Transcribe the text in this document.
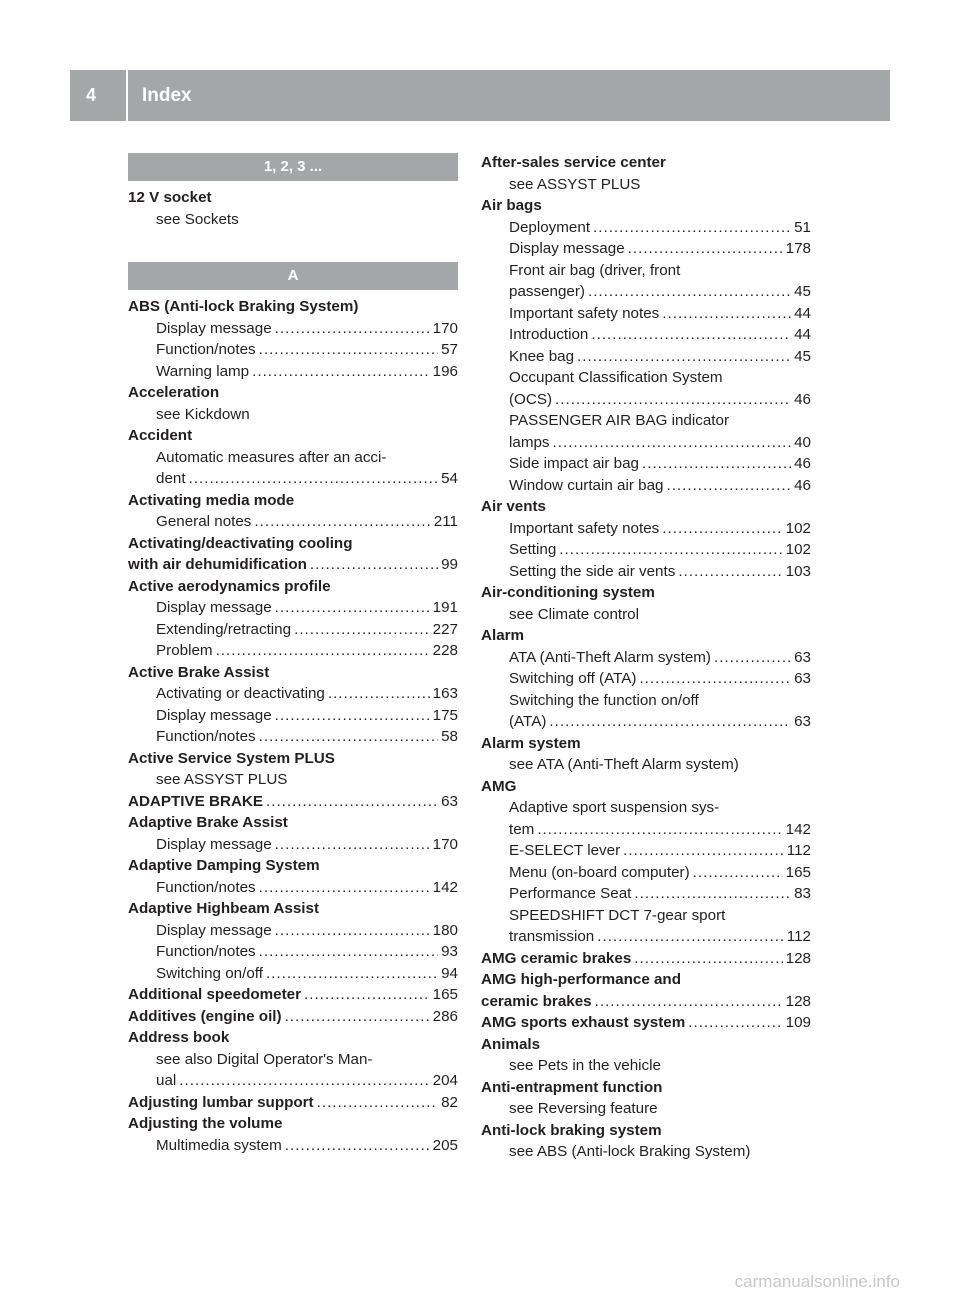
4	Index
1, 2, 3 ...
12 V socket
see Sockets
A
ABS (Anti-lock Braking System)
Display message .....	170
Function/notes .....	57
Warning lamp .....	196
Acceleration
see Kickdown
Accident
Automatic measures after an acci-
dent .....	54
Activating media mode
General notes .....	211
Activating/deactivating cooling
with air dehumidification .....	99
Active aerodynamics profile
Display message .....	191
Extending/retracting .....	227
Problem .....	228
Active Brake Assist
Activating or deactivating .....	163
Display message .....	175
Function/notes .....	58
Active Service System PLUS
see ASSYST PLUS
ADAPTIVE BRAKE .....	63
Adaptive Brake Assist
Display message .....	170
Adaptive Damping System
Function/notes .....	142
Adaptive Highbeam Assist
Display message .....	180
Function/notes .....	93
Switching on/off .....	94
Additional speedometer .....	165
Additives (engine oil) .....	286
Address book
see also Digital Operator's Man-
ual .....	204
Adjusting lumbar support .....	82
Adjusting the volume
Multimedia system .....	205
After-sales service center
see ASSYST PLUS
Air bags
Deployment .....	51
Display message .....	178
Front air bag (driver, front
passenger) .....	45
Important safety notes .....	44
Introduction .....	44
Knee bag .....	45
Occupant Classification System
(OCS) .....	46
PASSENGER AIR BAG indicator
lamps .....	40
Side impact air bag .....	46
Window curtain air bag .....	46
Air vents
Important safety notes .....	102
Setting .....	102
Setting the side air vents .....	103
Air-conditioning system
see Climate control
Alarm
ATA (Anti-Theft Alarm system) .....	63
Switching off (ATA) .....	63
Switching the function on/off
(ATA) .....	63
Alarm system
see ATA (Anti-Theft Alarm system)
AMG
Adaptive sport suspension sys-
tem .....	142
E-SELECT lever .....	112
Menu (on-board computer) .....	165
Performance Seat .....	83
SPEEDSHIFT DCT 7-gear sport
transmission .....	112
AMG ceramic brakes .....	128
AMG high-performance and
ceramic brakes .....	128
AMG sports exhaust system .....	109
Animals
see Pets in the vehicle
Anti-entrapment function
see Reversing feature
Anti-lock braking system
see ABS (Anti-lock Braking System)
carmanualsonline.info
